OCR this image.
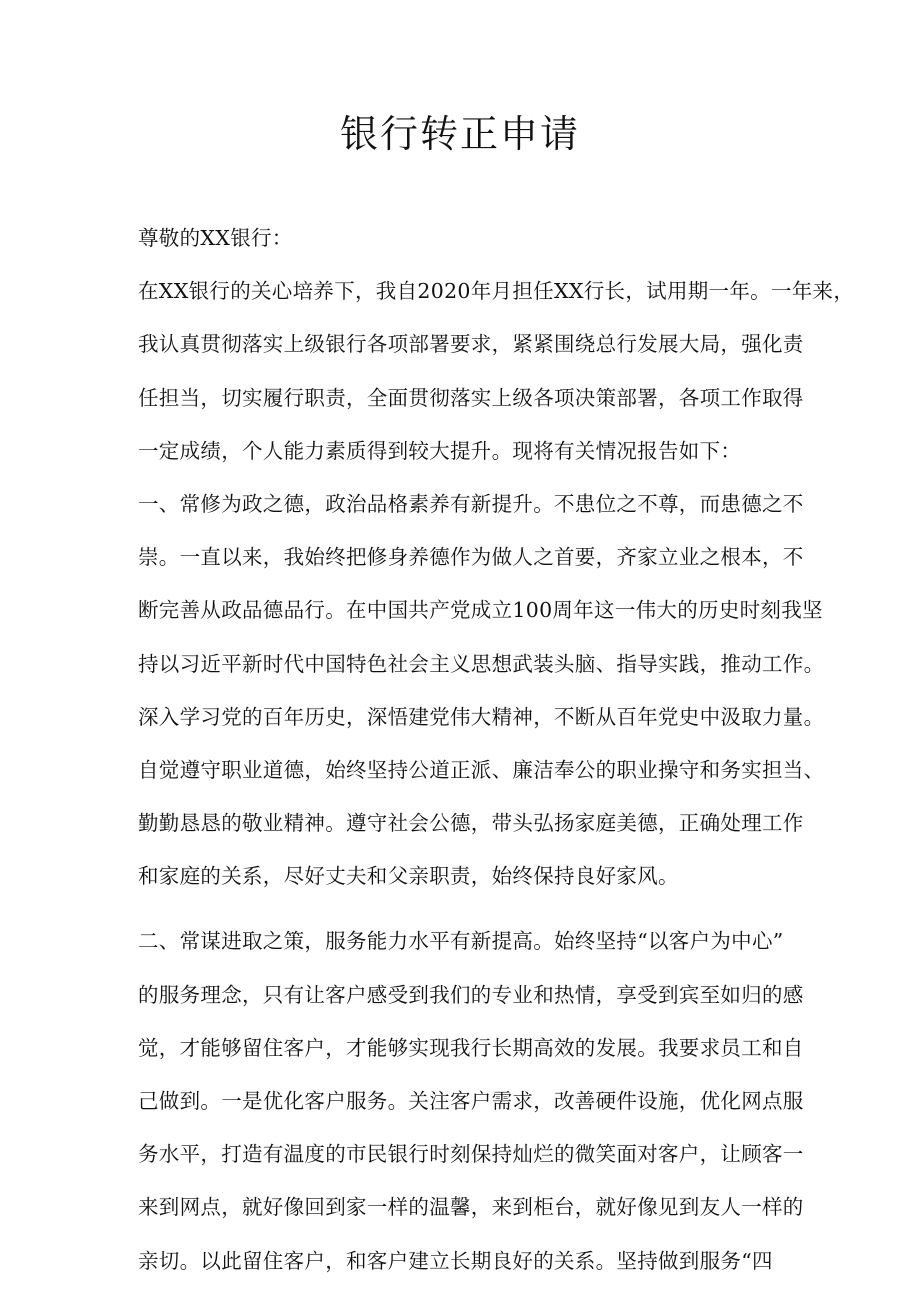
银行转正申请
尊敬的XX银行：
在XX银行的关心培养下，我自2020年月担任XX行长，试用期一年。一年来，
我认真贯彻落实上级银行各项部署要求，紧紧围绕总行发展大局，强化责
任担当，切实履行职责，全面贯彻落实上级各项决策部署，各项工作取得
一定成绩，个人能力素质得到较大提升。现将有关情况报告如下：
一、常修为政之德，政治品格素养有新提升。不患位之不尊，而患德之不
崇。一直以来，我始终把修身养德作为做人之首要，齐家立业之根本，不
断完善从政品德品行。在中国共产党成立100周年这一伟大的历史时刻我坚
持以习近平新时代中国特色社会主义思想武装头脑、指导实践，推动工作。
深入学习党的百年历史，深悟建党伟大精神，不断从百年党史中汲取力量。
自觉遵守职业道德，始终坚持公道正派、廉洁奉公的职业操守和务实担当、
勤勤恳恳的敬业精神。遵守社会公德，带头弘扬家庭美德，正确处理工作
和家庭的关系，尽好丈夫和父亲职责，始终保持良好家风。
二、常谋进取之策，服务能力水平有新提高。始终坚持“以客户为中心”
的服务理念，只有让客户感受到我们的专业和热情，享受到宾至如归的感
觉，才能够留住客户，才能够实现我行长期高效的发展。我要求员工和自
己做到。一是优化客户服务。关注客户需求，改善硬件设施，优化网点服
务水平，打造有温度的市民银行时刻保持灿烂的微笑面对客户，让顾客一
来到网点，就好像回到家一样的温馨，来到柜台，就好像见到友人一样的
亲切。以此留住客户，和客户建立长期良好的关系。坚持做到服务“四
